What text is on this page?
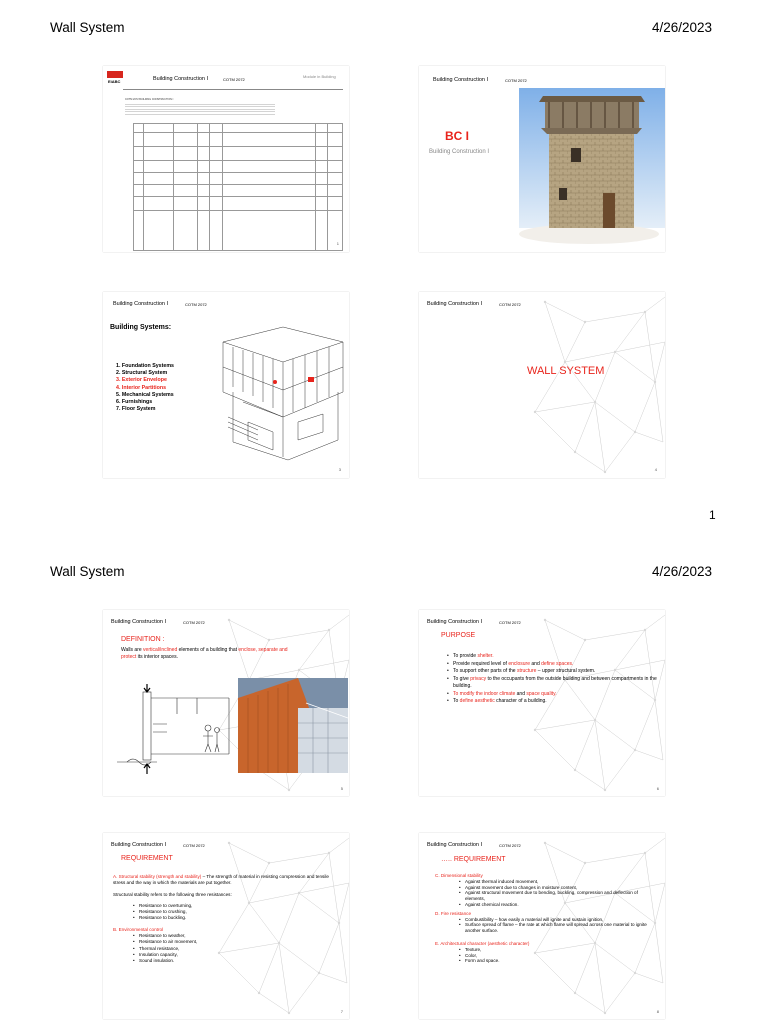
Wall System	4/26/2023
EiABC	Building Construction I	COTM 2072
Module in Building
COTM 2072 BUILDING CONSTRUCTION I

1
Building Construction I	COTM 2072
BC I
Building Construction I
Building Construction I	COTM 2072
Building Systems:
1. Foundation Systems
2. Structural System
3. Exterior Envelope
4. Interior Partitions
5. Mechanical Systems
6. Furnishings
7. Floor System
3
Building Construction I	COTM 2072
WALL SYSTEM
4
1
Wall System	4/26/2023
Building Construction I	COTM 2072
DEFINITION :
Walls are vertical/inclined elements of a building that enclose, separate and
protect its interior spaces.
5
Building Construction I	COTM 2072
PURPOSE
• To provide shelter.
• Provide required level of enclosure and define spaces.
• To support other parts of the structure – upper structural system.
• To give privacy to the occupants from the outside building and between compartments in the building.
• To modify the indoor climate and space quality.
• To define aesthetic character of a building.
6
Building Construction I	COTM 2072
REQUIREMENT
A. Structural stability (strength and stability) – The strength of material in resisting compression and tensile stress and the way in which the materials are put together.
Structural stability refers to the following three resistances:
• Resistance to overturning,
• Resistance to crushing,
• Resistance to buckling.
B. Environmental control
• Resistance to weather,
• Resistance to air movement,
• Thermal resistance,
• Insulation capacity,
• Sound insulation.
7
Building Construction I	COTM 2072
….. REQUIREMENT
C. Dimensional stability
• Against thermal induced movement,
• Against movement due to changes in moisture content,
• Against structural movement due to bending, buckling, compression and deflection of elements,
• Against chemical reaction.
D. Fire resistance
• Combustibility – how easily a material will ignite and sustain ignition,
• Surface spread of flame – the rate at which flame will spread across one material to ignite another surface.
E. Architectural character (aesthetic character)
• Texture,
• Color,
• Form and space.
8
